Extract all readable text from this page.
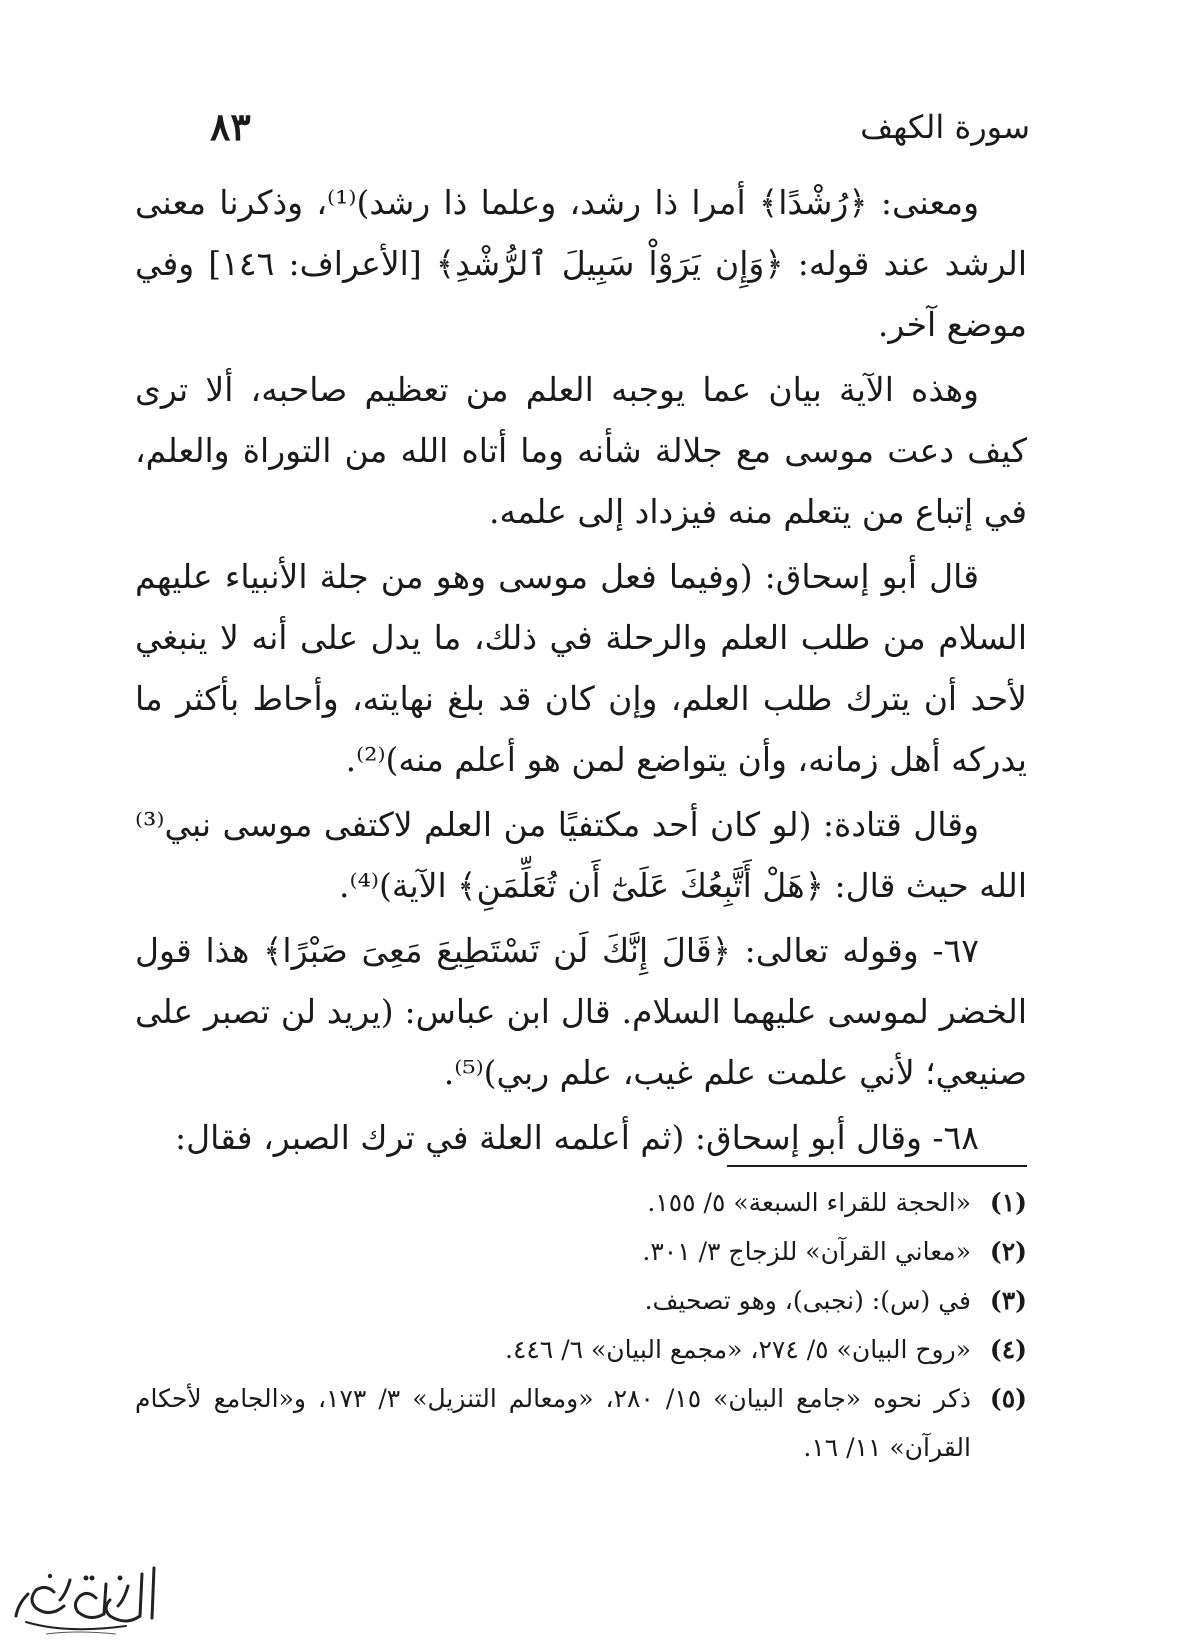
سورة الكهف
٨٣

ومعنى: ﴿رُشْدًا﴾ أمرا ذا رشد، وعلما ذا رشد)⁽¹⁾، وذكرنا معنى الرشد عند قوله: ﴿وَإِن يَرَوْاْ سَبِيلَ ٱلرُّشْدِ﴾ [الأعراف: ١٤٦] وفي موضع آخر.

وهذه الآية بيان عما يوجبه العلم من تعظيم صاحبه، ألا ترى كيف دعت موسى مع جلالة شأنه وما أتاه الله من التوراة والعلم، في إتباع من يتعلم منه فيزداد إلى علمه.

قال أبو إسحاق: (وفيما فعل موسى وهو من جلة الأنبياء عليهم السلام من طلب العلم والرحلة في ذلك، ما يدل على أنه لا ينبغي لأحد أن يترك طلب العلم، وإن كان قد بلغ نهايته، وأحاط بأكثر ما يدركه أهل زمانه، وأن يتواضع لمن هو أعلم منه)⁽²⁾.

وقال قتادة: (لو كان أحد مكتفيًا من العلم لاكتفى موسى نبي⁽³⁾ الله حيث قال: ﴿هَلْ أَتَّبِعُكَ عَلَىٰٓ أَن تُعَلِّمَنِ﴾ الآية)⁽⁴⁾.

٦٧- وقوله تعالى: ﴿قَالَ إِنَّكَ لَن تَسْتَطِيعَ مَعِىَ صَبْرًا﴾ هذا قول الخضر لموسى عليهما السلام. قال ابن عباس: (يريد لن تصبر على صنيعي؛ لأني علمت علم غيب، علم ربي)⁽⁵⁾.

٦٨- وقال أبو إسحاق: (ثم أعلمه العلة في ترك الصبر، فقال:

(١)
«الحجة للقراء السبعة» ٥/ ١٥٥.
(٢)
«معاني القرآن» للزجاج ٣/ ٣٠١.
(٣)
في (س): (نجبى)، وهو تصحيف.
(٤)
«روح البيان» ٥/ ٢٧٤، «مجمع البيان» ٦/ ٤٤٦.
(٥)
ذكر نحوه «جامع البيان» ١٥/ ٢٨٠، «ومعالم التنزيل» ٣/ ١٧٣، و«الجامع لأحكام القرآن» ١١/ ١٦.
